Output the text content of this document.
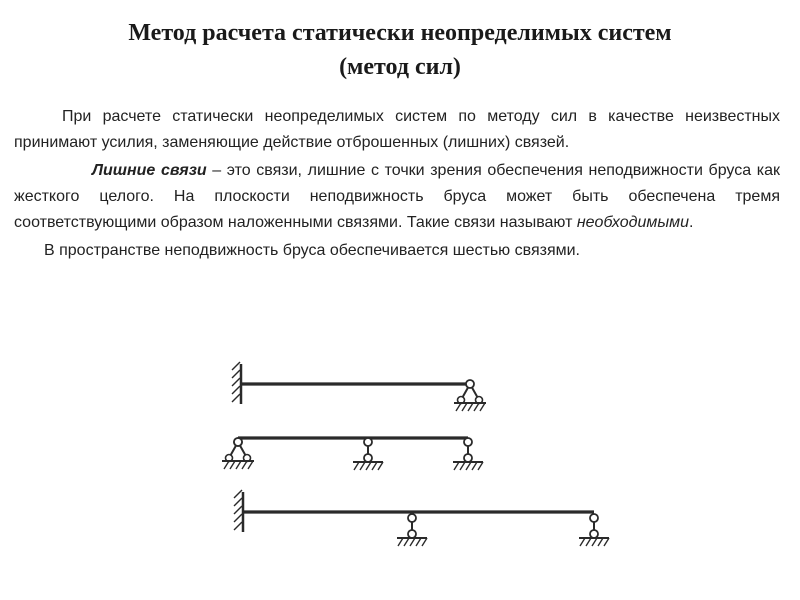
Метод расчета статически неопределимых систем
(метод сил)

При расчете статически неопределимых систем по методу сил в качестве неизвестных принимают усилия, заменяющие действие отброшенных (лишних) связей.

Лишние связи – это связи, лишние с точки зрения обеспечения неподвижности бруса как жесткого целого. На плоскости неподвижность бруса может быть обеспечена тремя соответствующими образом наложенными связями. Такие связи называют необходимыми.

В пространстве неподвижность бруса обеспечивается шестью связями.
